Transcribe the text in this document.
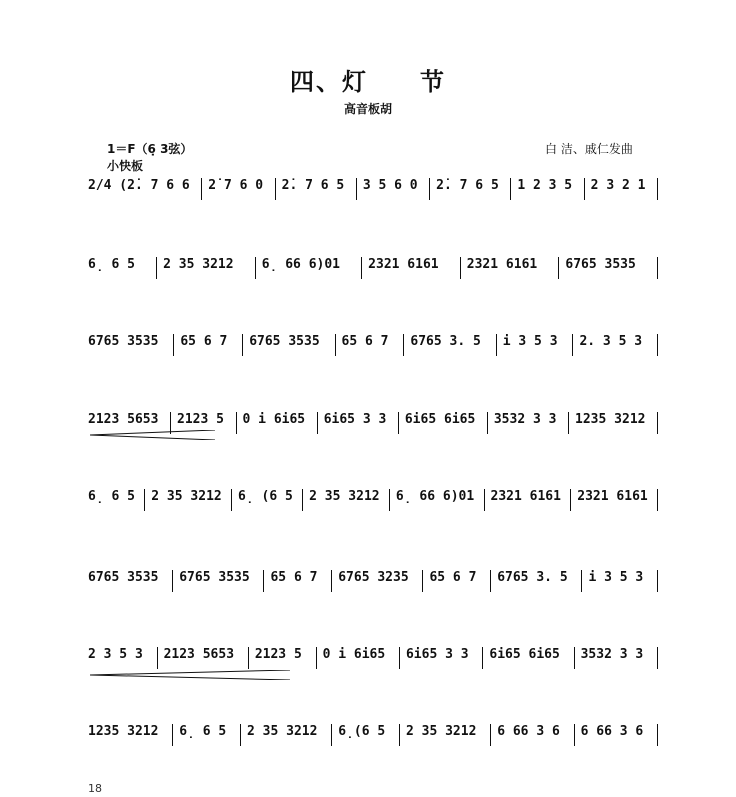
四、灯　　节
高音板胡
1＝F（6̣ 3弦）
小快板
白 洁、戚仁发曲
2/4 (2̇. 7 6 6 2̇ 7 6 0 2̇. 7 6 5 3 5 6 0 2̇. 7 6 5 1 2 3 5 2 3 2 1
6̣ 6 5 2 35 3212 6̣ 66 6)01 2321 6161 2321 6161 6765 3535
6765 3535 65 6 7 6765 3535 65 6 7 6765 3. 5 i 3 5 3 2. 3 5 3
2123 5653 2123 5 0 i 6i65 6i65 3 3 6i65 6i65 3532 3 3 1235 3212
6̣ 6 5 2 35 3212 6̣ (6 5 2 35 3212 6̣ 66 6)01 2321 6161 2321 6161
6765 3535 6765 3535 65 6 7 6765 3235 65 6 7 6765 3. 5 i 3 5 3
2 3 5 3 2123 5653 2123 5 0 i 6i65 6i65 3 3 6i65 6i65 3532 3 3
1235 3212 6̣ 6 5 2 35 3212 6̣(6 5 2 35 3212 6 66 3 6 6 66 3 6
18
